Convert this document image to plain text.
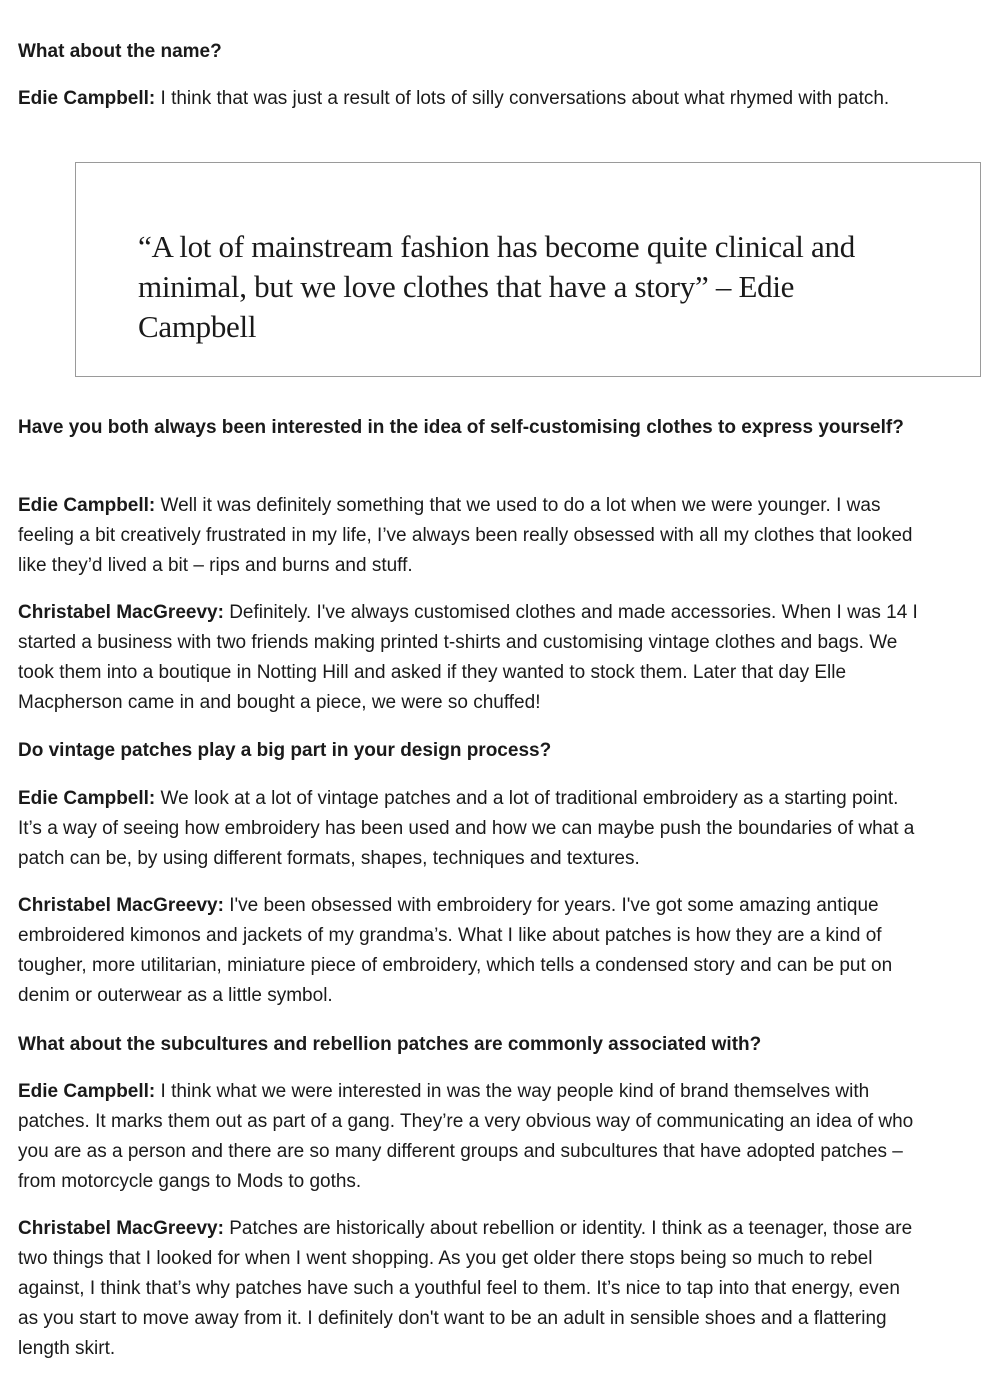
What about the name?

Edie Campbell: I think that was just a result of lots of silly conversations about what rhymed with patch.

Have you both always been interested in the idea of self-customising clothes to express yourself?

Edie Campbell: Well it was definitely something that we used to do a lot when we were younger. I was feeling a bit creatively frustrated in my life, I’ve always been really obsessed with all my clothes that looked like they’d lived a bit – rips and burns and stuff.

Christabel MacGreevy: Definitely. I've always customised clothes and made accessories. When I was 14 I started a business with two friends making printed t-shirts and customising vintage clothes and bags. We took them into a boutique in Notting Hill and asked if they wanted to stock them. Later that day Elle Macpherson came in and bought a piece, we were so chuffed!

Do vintage patches play a big part in your design process?

Edie Campbell: We look at a lot of vintage patches and a lot of traditional embroidery as a starting point. It’s a way of seeing how embroidery has been used and how we can maybe push the boundaries of what a patch can be, by using different formats, shapes, techniques and textures.

Christabel MacGreevy: I've been obsessed with embroidery for years. I've got some amazing antique embroidered kimonos and jackets of my grandma’s. What I like about patches is how they are a kind of tougher, more utilitarian, miniature piece of embroidery, which tells a condensed story and can be put on denim or outerwear as a little symbol.

What about the subcultures and rebellion patches are commonly associated with?

Edie Campbell: I think what we were interested in was the way people kind of brand themselves with patches. It marks them out as part of a gang. They’re a very obvious way of communicating an idea of who you are as a person and there are so many different groups and subcultures that have adopted patches – from motorcycle gangs to Mods to goths.

Christabel MacGreevy: Patches are historically about rebellion or identity. I think as a teenager, those are two things that I looked for when I went shopping. As you get older there stops being so much to rebel against, I think that’s why patches have such a youthful feel to them. It’s nice to tap into that energy, even as you start to move away from it. I definitely don't want to be an adult in sensible shoes and a flattering length skirt.

“A lot of mainstream fashion has become quite clinical and minimal, but we love clothes that have a story” – Edie Campbell
